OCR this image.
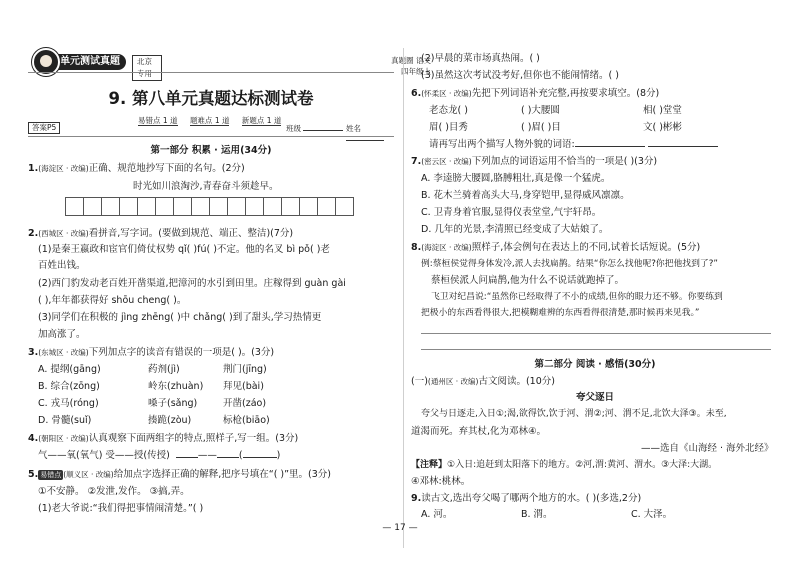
单元测试真题圈
北京专用
真题圈 语文
四年级上
9. 第八单元真题达标测试卷
易错点 1 道 题难点 1 道 新题点 1 道
答案P5	班级	姓名
第一部分 积累 · 运用(34分)
1.(海淀区 · 改编)正确、规范地抄写下面的名句。(2分)
时光如川浪淘沙,青春奋斗须趁早。
2.(西城区 · 改编)看拼音,写字词。(要做到规范、端正、整洁)(7分)
(1)是秦王嬴政和宦官们倚仗权势 qǐ( )fú( )不定。他的名叉 bì pǒ( )老
百姓出钱。
(2)西门豹发动老百姓开凿渠道,把漳河的水引到田里。庄稼得到 guàn gài
( ),年年都获得好 shōu cheng( )。
(3)同学们在积极的 jìng zhēng( )中 chǎng( )到了甜头,学习热情更
加高涨了。
3.(东城区 · 改编)下列加点字的读音有错误的一项是( )。(3分)
A. 提纲(gāng)	药剂(jì)	荆门(jīng)
B. 综合(zōng)	岭东(zhuàn) 拜见(bài)
C. 戎马(róng)	嗓子(sǎng)	开凿(záo)
D. 骨髓(suǐ)	揍跪(zòu)	标枪(biāo)
4.(朝阳区 · 改编)认真观察下面两组字的特点,照样子,写一组。(3分)
气——氧(氧气) 受——授(传授)	—— (	)
5. 易错点 (顺义区 · 改编)给加点字选择正确的解释,把序号填在“( )”里。(3分)
①不安静。 ②发泄,发作。 ③搞,弄。
(1)老大爷说:“我们得把事情闹清楚。”( )
(2)早晨的菜市场真热闹。( )
(3)虽然这次考试没考好,但你也不能闹情绪。( )
6.(怀柔区 · 改编)先把下列词语补充完整,再按要求填空。(8分)
老态龙( )	( )大腰圆	相( )堂堂
眉( )目秀	( )眉( )目	文( )彬彬
请再写出两个描写人物外貌的词语:
7.(密云区 · 改编)下列加点的词语运用不恰当的一项是( )(3分)
A. 李逵膀大腰圆,胳膊粗壮,真是像一个猛虎。
B. 花木兰骑着高头大马,身穿铠甲,显得威风凛凛。
C. 卫青身着官服,显得仪表堂堂,气宇轩昂。
D. 几年的光景,李清照已经变成了大姑娘了。
8.(海淀区 · 改编)照样子,体会例句在表达上的不同,试着长话短说。(5分)
例:蔡桓侯觉得身体发冷,派人去找扁鹊。结果“你怎么找他呢?你把他找到了?”
蔡桓侯派人问扁鹊,他为什么不说话就跑掉了。
飞卫对纪昌说:“虽然你已经取得了不小的成绩,但你的眼力还不够。你要练到
把极小的东西看得很大,把模糊难辨的东西看得很清楚,那时候再来见我。”
第二部分 阅读 · 感悟(30分)
(一)(通州区 · 改编)古文阅读。(10分)
夸父逐日
夸父与日逐走,入日①;渴,欲得饮,饮于河、渭②;河、渭不足,北饮大泽③。未至,
道渴而死。弃其杖,化为邓林④。
——选自《山海经 · 海外北经》
【注释】①入日:追赶到太阳落下的地方。②河,渭:黄河、渭水。③大泽:大湖。
④邓林:桃林。
9.读古文,选出夸父喝了哪两个地方的水。( )(多选,2分)
A. 河。	B. 渭。	C. 大泽。
— 17 —
